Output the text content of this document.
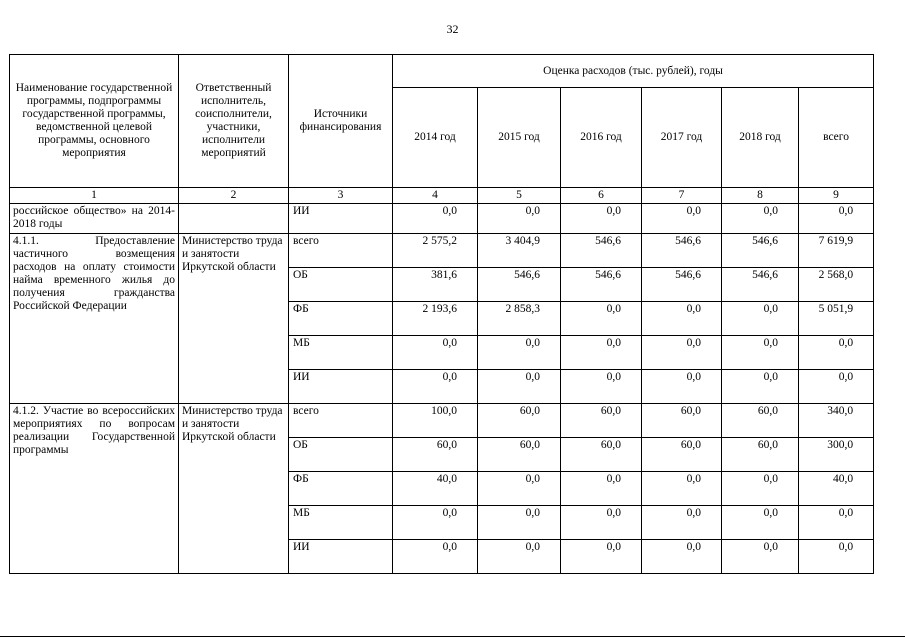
32
Наименование государственной программы, подпрограммы государственной программы, ведомственной целевой программы, основного мероприятия	Ответственный исполнитель, соисполнители, участники, исполнители мероприятий	Источники финансирования	Оценка расходов (тыс. рублей), годы					
			2014 год	2015 год	2016 год	2017 год	2018 год	всего
1	2	3	4	5	6	7	8	9
российское общество» на 2014-2018 годы		ИИ	0,0	0,0	0,0	0,0	0,0	0,0
4.1.1. Предоставление частичного возмещения расходов на оплату стоимости найма временного жилья до получения гражданства Российской Федерации	Министерство труда и занятости Иркутской области	всего	2 575,2	3 404,9	546,6	546,6	546,6	7 619,9
		ОБ	381,6	546,6	546,6	546,6	546,6	2 568,0
		ФБ	2 193,6	2 858,3	0,0	0,0	0,0	5 051,9
		МБ	0,0	0,0	0,0	0,0	0,0	0,0
		ИИ	0,0	0,0	0,0	0,0	0,0	0,0
4.1.2. Участие во всероссийских мероприятиях по вопросам реализации Государственной программы	Министерство труда и занятости Иркутской области	всего	100,0	60,0	60,0	60,0	60,0	340,0
		ОБ	60,0	60,0	60,0	60,0	60,0	300,0
		ФБ	40,0	0,0	0,0	0,0	0,0	40,0
		МБ	0,0	0,0	0,0	0,0	0,0	0,0
		ИИ	0,0	0,0	0,0	0,0	0,0	0,0
